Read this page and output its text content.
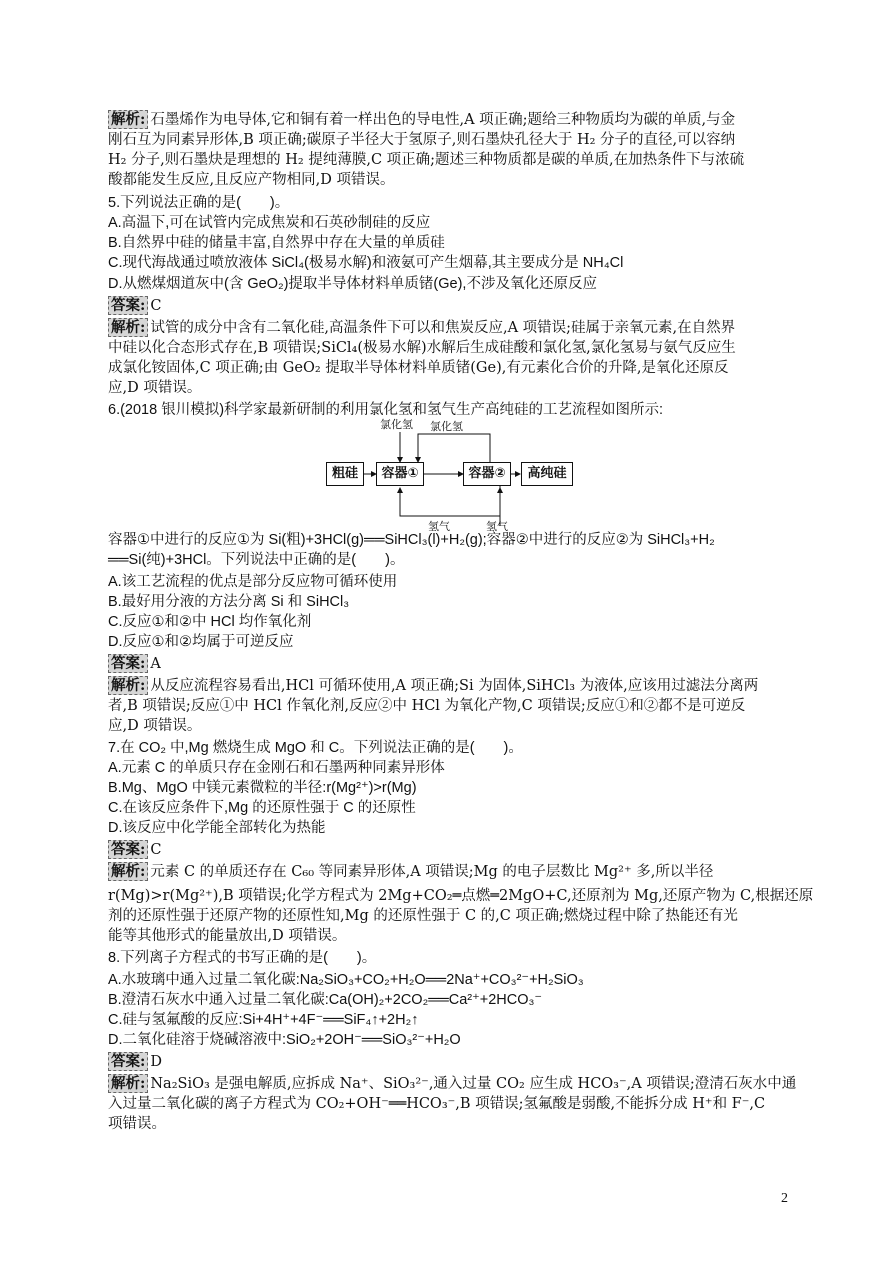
解析: 石墨烯作为电导体,它和铜有着一样出色的导电性,A 项正确;题给三种物质均为碳的单质,与金
刚石互为同素异形体,B 项正确;碳原子半径大于氢原子,则石墨炔孔径大于 H₂ 分子的直径,可以容纳
H₂ 分子,则石墨炔是理想的 H₂ 提纯薄膜,C 项正确;题述三种物质都是碳的单质,在加热条件下与浓硫
酸都能发生反应,且反应产物相同,D 项错误。
5.下列说法正确的是(　　)。
A.高温下,可在试管内完成焦炭和石英砂制硅的反应
B.自然界中硅的储量丰富,自然界中存在大量的单质硅
C.现代海战通过喷放液体 SiCl₄(极易水解)和液氨可产生烟幕,其主要成分是 NH₄Cl
D.从燃煤烟道灰中(含 GeO₂)提取半导体材料单质锗(Ge),不涉及氧化还原反应
答案: C
解析: 试管的成分中含有二氧化硅,高温条件下可以和焦炭反应,A 项错误;硅属于亲氧元素,在自然界
中硅以化合态形式存在,B 项错误;SiCl₄(极易水解)水解后生成硅酸和氯化氢,氯化氢易与氨气反应生
成氯化铵固体,C 项正确;由 GeO₂ 提取半导体材料单质锗(Ge),有元素化合价的升降,是氧化还原反
应,D 项错误。
6.(2018 银川模拟)科学家最新研制的利用氯化氢和氢气生产高纯硅的工艺流程如图所示:
容器①中进行的反应①为 Si(粗)+3HCl(g)══SiHCl₃(l)+H₂(g);容器②中进行的反应②为 SiHCl₃+H₂
══Si(纯)+3HCl。下列说法中正确的是(　　)。
A.该工艺流程的优点是部分反应物可循环使用
B.最好用分液的方法分离 Si 和 SiHCl₃
C.反应①和②中 HCl 均作氧化剂
D.反应①和②均属于可逆反应
答案: A
解析: 从反应流程容易看出,HCl 可循环使用,A 项正确;Si 为固体,SiHCl₃ 为液体,应该用过滤法分离两
者,B 项错误;反应①中 HCl 作氧化剂,反应②中 HCl 为氧化产物,C 项错误;反应①和②都不是可逆反
应,D 项错误。
7.在 CO₂ 中,Mg 燃烧生成 MgO 和 C。下列说法正确的是(　　)。
A.元素 C 的单质只存在金刚石和石墨两种同素异形体
B.Mg、MgO 中镁元素微粒的半径:r(Mg²⁺)>r(Mg)
C.在该反应条件下,Mg 的还原性强于 C 的还原性
D.该反应中化学能全部转化为热能
答案: C
解析: 元素 C 的单质还存在 C₆₀ 等同素异形体,A 项错误;Mg 的电子层数比 Mg²⁺ 多,所以半径
r(Mg)>r(Mg²⁺),B 项错误;化学方程式为 2Mg+CO₂═点燃═2MgO+C,还原剂为 Mg,还原产物为 C,根据还原
剂的还原性强于还原产物的还原性知,Mg 的还原性强于 C 的,C 项正确;燃烧过程中除了热能还有光
能等其他形式的能量放出,D 项错误。
8.下列离子方程式的书写正确的是(　　)。
A.水玻璃中通入过量二氧化碳:Na₂SiO₃+CO₂+H₂O══2Na⁺+CO₃²⁻+H₂SiO₃
B.澄清石灰水中通入过量二氧化碳:Ca(OH)₂+2CO₂══Ca²⁺+2HCO₃⁻
C.硅与氢氟酸的反应:Si+4H⁺+4F⁻══SiF₄↑+2H₂↑
D.二氧化硅溶于烧碱溶液中:SiO₂+2OH⁻══SiO₃²⁻+H₂O
答案: D
解析: Na₂SiO₃ 是强电解质,应拆成 Na⁺、SiO₃²⁻,通入过量 CO₂ 应生成 HCO₃⁻,A 项错误;澄清石灰水中通
入过量二氧化碳的离子方程式为 CO₂+OH⁻══HCO₃⁻,B 项错误;氢氟酸是弱酸,不能拆分成 H⁺和 F⁻,C
项错误。
粗硅	容器①	容器②	高纯硅
氯化氢 氯化氢
氢气	氢气
2
